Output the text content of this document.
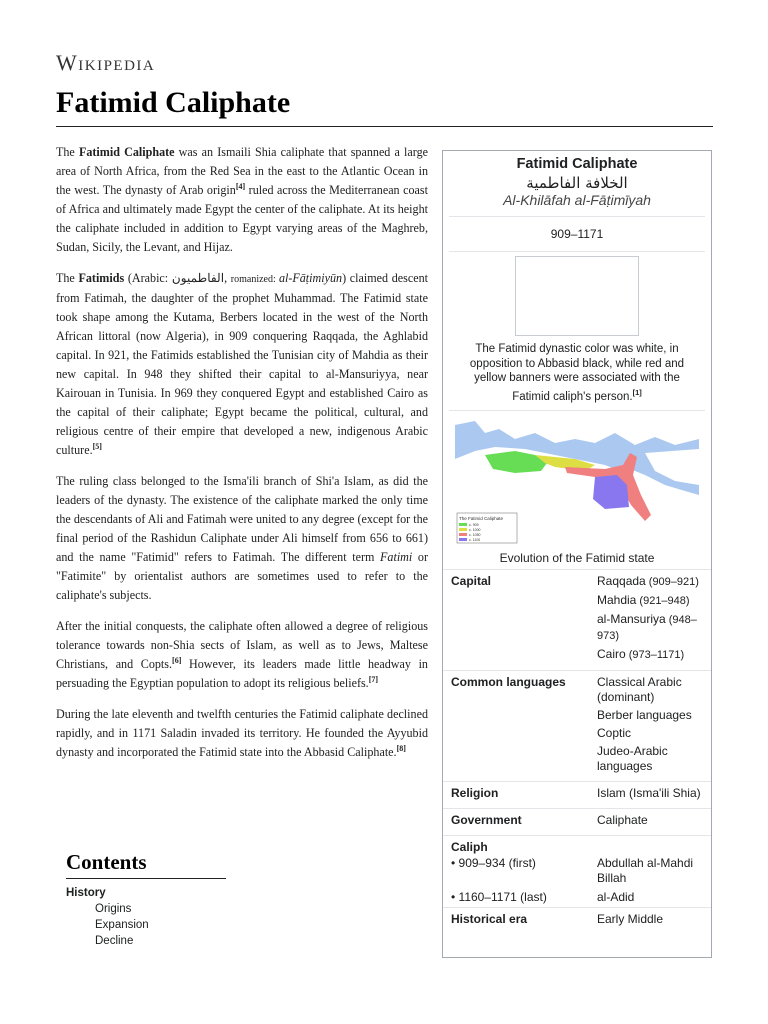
Wikipedia
Fatimid Caliphate

The Fatimid Caliphate was an Ismaili Shia caliphate that spanned a large area of North Africa, from the Red Sea in the east to the Atlantic Ocean in the west. The dynasty of Arab origin[4] ruled across the Mediterranean coast of Africa and ultimately made Egypt the center of the caliphate. At its height the caliphate included in addition to Egypt varying areas of the Maghreb, Sudan, Sicily, the Levant, and Hijaz.

The Fatimids (Arabic: الفاطميون, romanized: al-Fāṭimiyūn) claimed descent from Fatimah, the daughter of the prophet Muhammad. The Fatimid state took shape among the Kutama, Berbers located in the west of the North African littoral (now Algeria), in 909 conquering Raqqada, the Aghlabid capital. In 921, the Fatimids established the Tunisian city of Mahdia as their new capital. In 948 they shifted their capital to al-Mansuriyya, near Kairouan in Tunisia. In 969 they conquered Egypt and established Cairo as the capital of their caliphate; Egypt became the political, cultural, and religious centre of their empire that developed a new, indigenous Arabic culture.[5]

The ruling class belonged to the Isma'ili branch of Shi'a Islam, as did the leaders of the dynasty. The existence of the caliphate marked the only time the descendants of Ali and Fatimah were united to any degree (except for the final period of the Rashidun Caliphate under Ali himself from 656 to 661) and the name "Fatimid" refers to Fatimah. The different term Fatimi or "Fatimite" by orientalist authors are sometimes used to refer to the caliphate's subjects.

After the initial conquests, the caliphate often allowed a degree of religious tolerance towards non-Shia sects of Islam, as well as to Jews, Maltese Christians, and Copts.[6] However, its leaders made little headway in persuading the Egyptian population to adopt its religious beliefs.[7]

During the late eleventh and twelfth centuries the Fatimid caliphate declined rapidly, and in 1171 Saladin invaded its territory. He founded the Ayyubid dynasty and incorporated the Fatimid state into the Abbasid Caliphate.[8]

Contents
History
Origins
Expansion
Decline
Fatimid Caliphate
الخلافة الفاطمية
Al-Khilāfah al-Fāṭimīyah
909–1171
The Fatimid dynastic color was white, in opposition to Abbasid black, while red and yellow banners were associated with the Fatimid caliph's person.[1]
The Fatimid Caliphate
c. 909
c. 1000
c. 1050
c. 1100
Evolution of the Fatimid state
Capital	Raqqada (909–921)
Mahdia (921–948)
al-Mansuriya (948–973)
Cairo (973–1171)
Common languages	Classical Arabic (dominant)
Berber languages
Coptic
Judeo-Arabic languages
Religion	Islam (Isma'ili Shia)
Government	Caliphate
Caliph
• 909–934 (first)	Abdullah al-Mahdi Billah
• 1160–1171 (last)	al-Adid
Historical era	Early Middle
